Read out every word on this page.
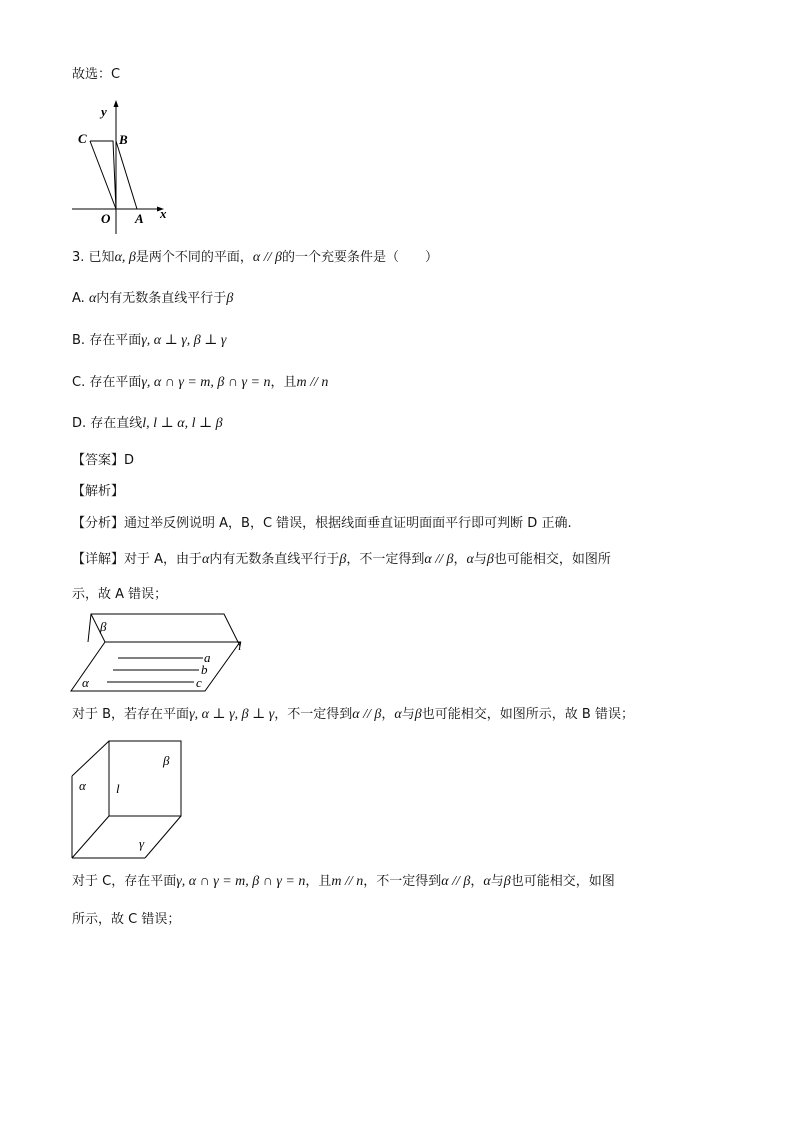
故选：C
y
C B
O A x
3. 已知α, β是两个不同的平面，α // β的一个充要条件是（　　）
A. α内有无数条直线平行于β
B. 存在平面γ, α ⊥ γ, β ⊥ γ
C. 存在平面γ, α ∩ γ = m, β ∩ γ = n，且m // n
D. 存在直线l, l ⊥ α, l ⊥ β
【答案】D
【解析】
【分析】通过举反例说明 A，B，C 错误，根据线面垂直证明面面平行即可判断 D 正确.
【详解】对于 A，由于α内有无数条直线平行于β，不一定得到α // β，α与β也可能相交，如图所
示，故 A 错误；
β
l
a
b
c
α
对于 B，若存在平面γ, α ⊥ γ, β ⊥ γ，不一定得到α // β，α与β也可能相交，如图所示，故 B 错误；
β
α l
γ
对于 C，存在平面γ, α ∩ γ = m, β ∩ γ = n，且m // n，不一定得到α // β，α与β也可能相交，如图
所示，故 C 错误；
